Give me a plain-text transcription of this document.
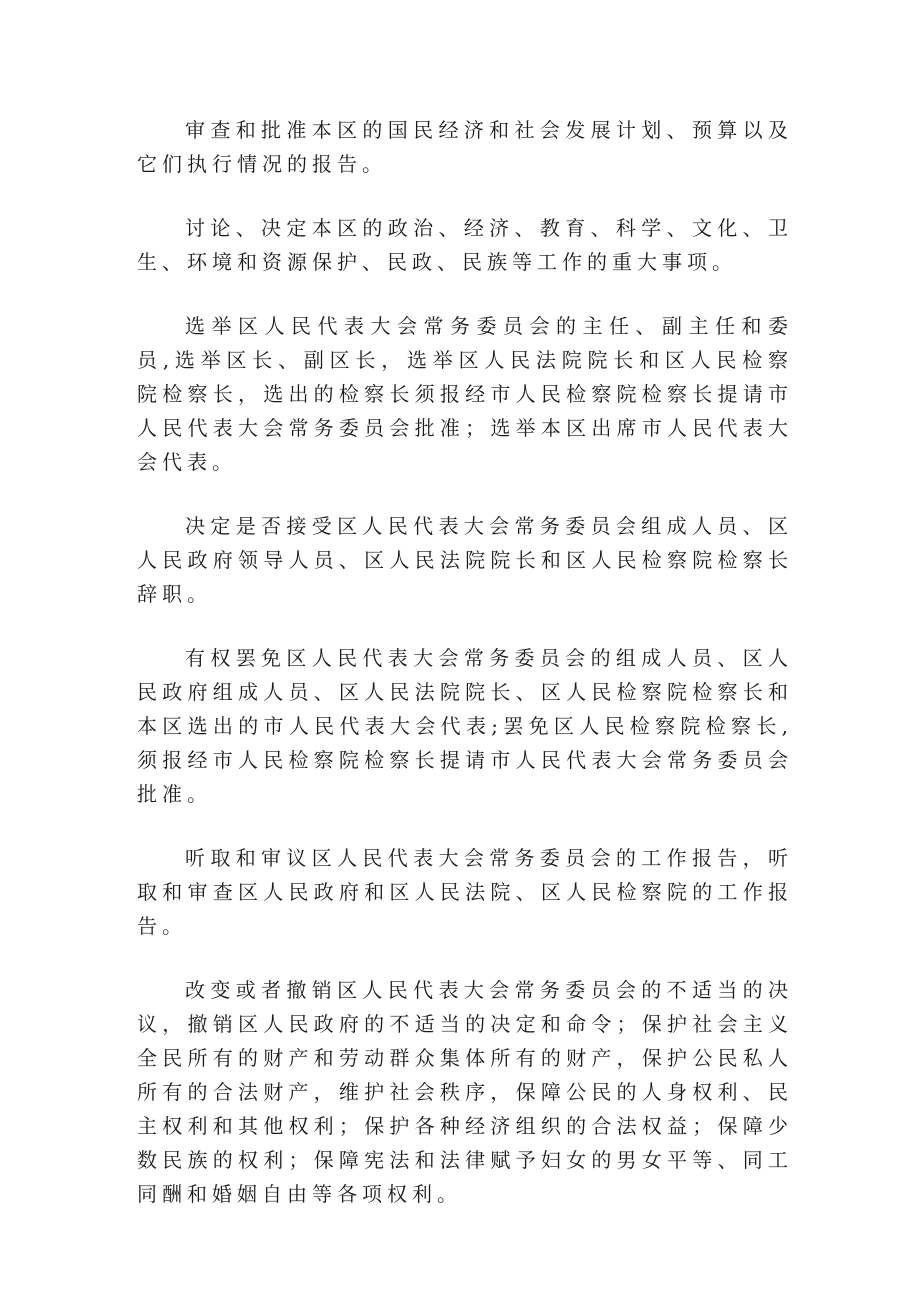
审查和批准本区的国民经济和社会发展计划、预算以及它们执行情况的报告。

讨论、决定本区的政治、经济、教育、科学、文化、卫生、环境和资源保护、民政、民族等工作的重大事项。

选举区人民代表大会常务委员会的主任、副主任和委员,选举区长、副区长，选举区人民法院院长和区人民检察院检察长，选出的检察长须报经市人民检察院检察长提请市人民代表大会常务委员会批准；选举本区出席市人民代表大会代表。

决定是否接受区人民代表大会常务委员会组成人员、区人民政府领导人员、区人民法院院长和区人民检察院检察长辞职。

有权罢免区人民代表大会常务委员会的组成人员、区人民政府组成人员、区人民法院院长、区人民检察院检察长和本区选出的市人民代表大会代表;罢免区人民检察院检察长,须报经市人民检察院检察长提请市人民代表大会常务委员会批准。

听取和审议区人民代表大会常务委员会的工作报告，听取和审查区人民政府和区人民法院、区人民检察院的工作报告。

改变或者撤销区人民代表大会常务委员会的不适当的决议，撤销区人民政府的不适当的决定和命令；保护社会主义全民所有的财产和劳动群众集体所有的财产，保护公民私人所有的合法财产，维护社会秩序，保障公民的人身权利、民主权利和其他权利；保护各种经济组织的合法权益；保障少数民族的权利；保障宪法和法律赋予妇女的男女平等、同工同酬和婚姻自由等各项权利。
